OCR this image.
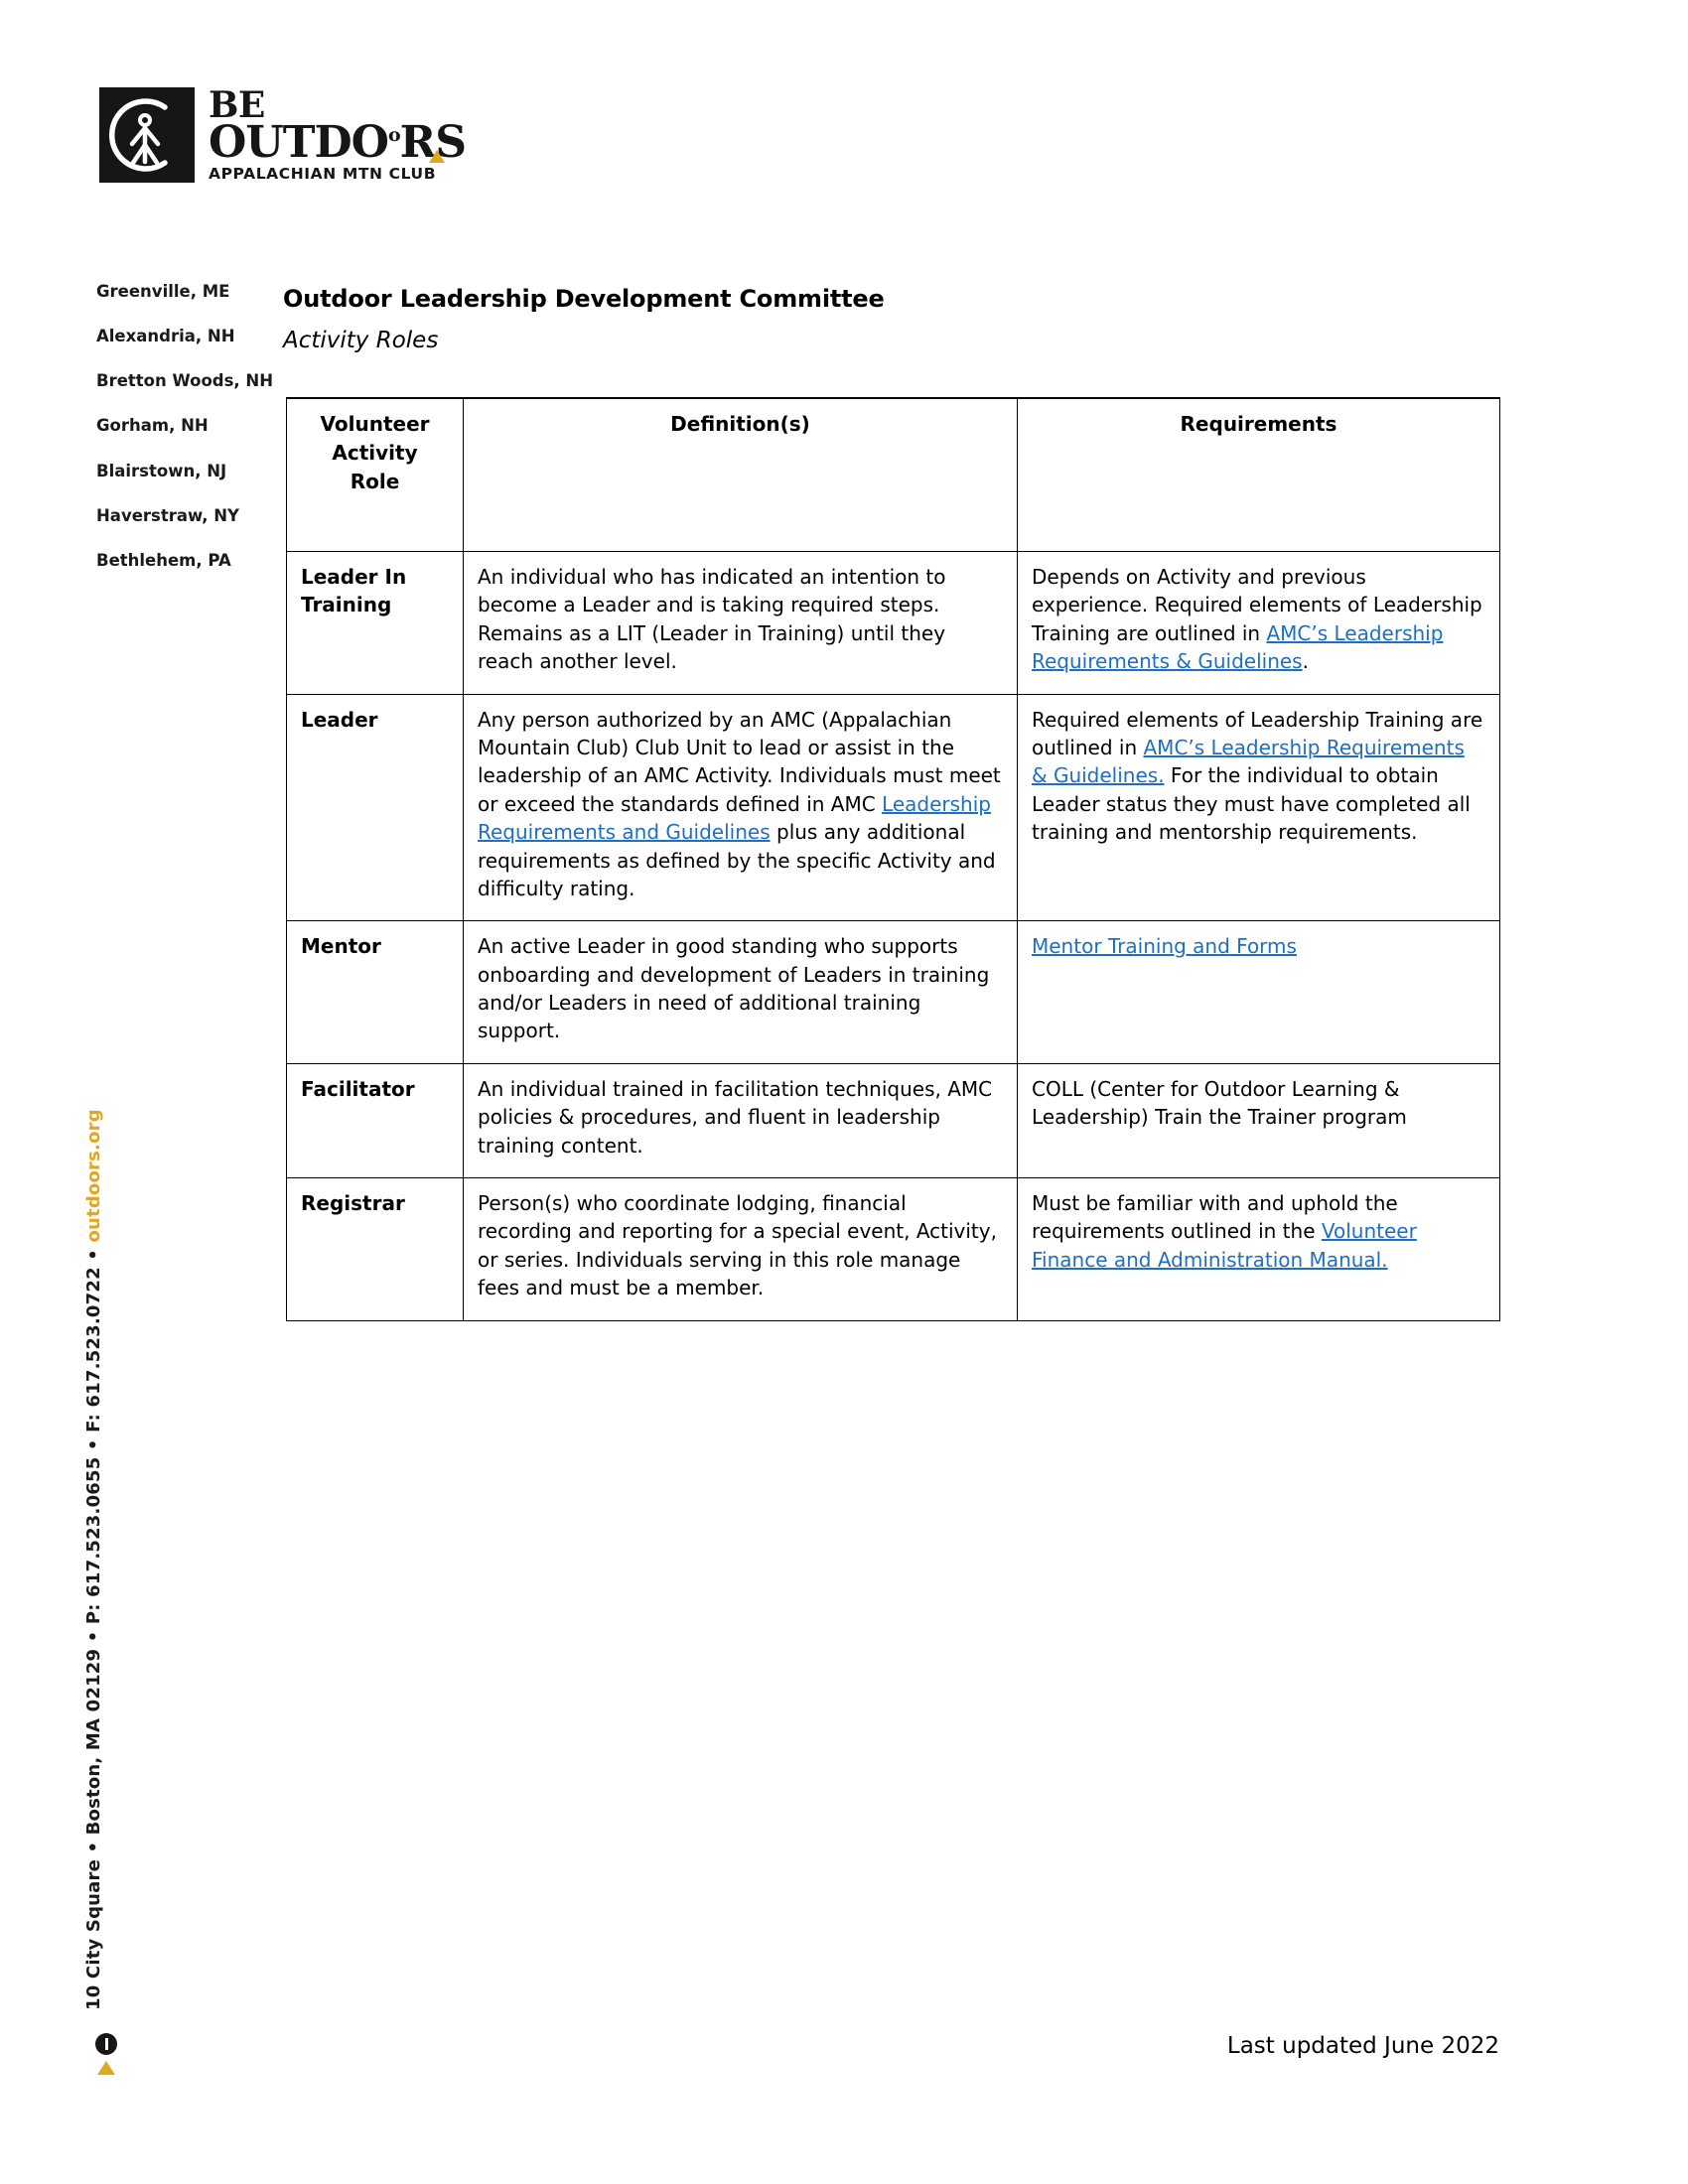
BE
OUTDO$^o$RS
APPALACHIAN MTN CLUB
Greenville, ME
Alexandria, NH
Bretton Woods, NH
Gorham, NH
Blairstown, NJ
Haverstraw, NY
Bethlehem, PA
10 City Square • Boston, MA 02129 • P: 617.523.0655 • F: 617.523.0722 • outdoors.org
Outdoor Leadership Development Committee
Activity Roles
Volunteer
Activity
Role	Definition(s)	Requirements
Leader In Training	An individual who has indicated an intention to become a Leader and is taking required steps. Remains as a LIT (Leader in Training) until they reach another level.	Depends on Activity and previous experience. Required elements of Leadership Training are outlined in AMC’s Leadership Requirements & Guidelines.
Leader	Any person authorized by an AMC (Appalachian Mountain Club) Club Unit to lead or assist in the leadership of an AMC Activity. Individuals must meet or exceed the standards defined in AMC Leadership Requirements and Guidelines plus any additional requirements as defined by the specific Activity and difficulty rating.	Required elements of Leadership Training are outlined in AMC’s Leadership Requirements & Guidelines. For the individual to obtain Leader status they must have completed all training and mentorship requirements.
Mentor	An active Leader in good standing who supports onboarding and development of Leaders in training and/or Leaders in need of additional training support.	Mentor Training and Forms
Facilitator	An individual trained in facilitation techniques, AMC policies & procedures, and fluent in leadership training content.	COLL (Center for Outdoor Learning & Leadership) Train the Trainer program
Registrar	Person(s) who coordinate lodging, financial recording and reporting for a special event, Activity, or series. Individuals serving in this role manage fees and must be a member.	Must be familiar with and uphold the requirements outlined in the Volunteer Finance and Administration Manual.
Last updated June 2022
